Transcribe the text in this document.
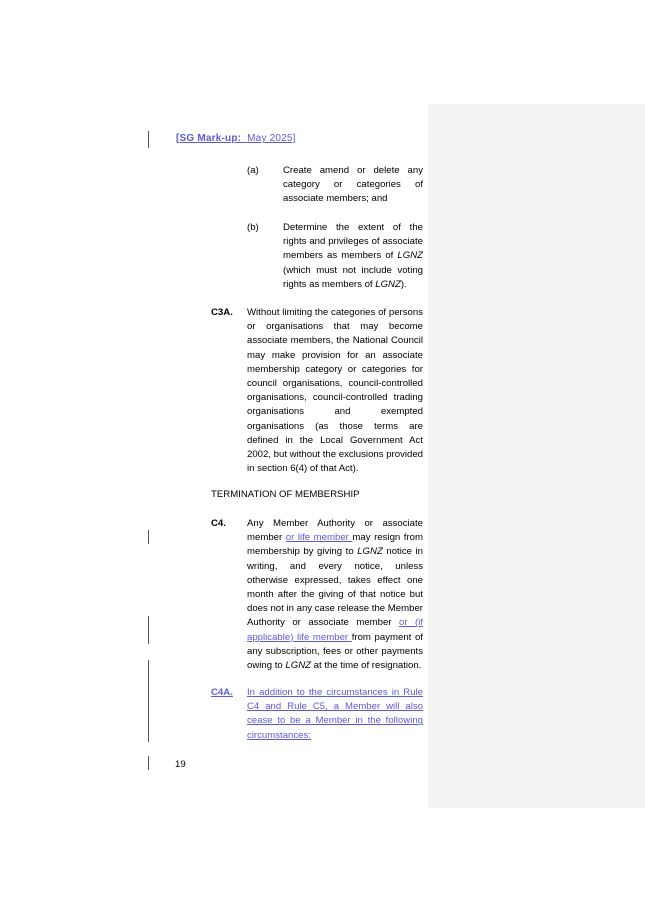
[SG Mark-up: May 2025]
(a)	Create amend or delete any category or categories of associate members; and
(b)	Determine the extent of the rights and privileges of associate members as members of LGNZ (which must not include voting rights as members of LGNZ).
C3A. Without limiting the categories of persons or organisations that may become associate members, the National Council may make provision for an associate membership category or categories for council organisations, council-controlled organisations, council-controlled trading organisations and exempted organisations (as those terms are defined in the Local Government Act 2002, but without the exclusions provided in section 6(4) of that Act).
TERMINATION OF MEMBERSHIP
C4. Any Member Authority or associate member or life member may resign from membership by giving to LGNZ notice in writing, and every notice, unless otherwise expressed, takes effect one month after the giving of that notice but does not in any case release the Member Authority or associate member or (if applicable) life member from payment of any subscription, fees or other payments owing to LGNZ at the time of resignation.
C4A. In addition to the circumstances in Rule C4 and Rule C5, a Member will also cease to be a Member in the following circumstances:
19
